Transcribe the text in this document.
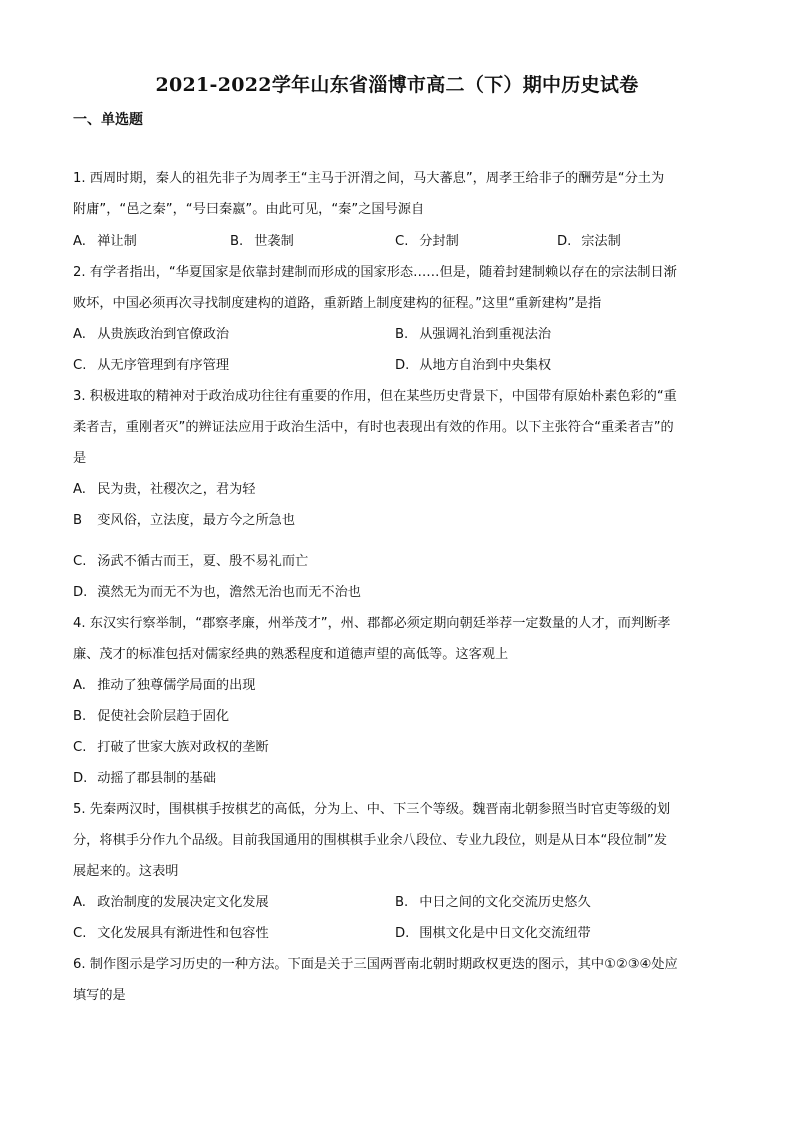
2021-2022学年山东省淄博市高二（下）期中历史试卷
一、单选题
1. 西周时期，秦人的祖先非子为周孝王“主马于汧渭之间，马大蕃息”，周孝王给非子的酬劳是“分土为
附庸”，“邑之秦”，“号曰秦嬴”。由此可见，“秦”之国号源自
A. 禅让制	B. 世袭制	C. 分封制	D. 宗法制
2. 有学者指出，“华夏国家是依靠封建制而形成的国家形态……但是，随着封建制赖以存在的宗法制日渐
败坏，中国必须再次寻找制度建构的道路，重新踏上制度建构的征程。”这里“重新建构”是指
A. 从贵族政治到官僚政治	B. 从强调礼治到重视法治
C. 从无序管理到有序管理	D. 从地方自治到中央集权
3. 积极进取的精神对于政治成功往往有重要的作用，但在某些历史背景下，中国带有原始朴素色彩的“重
柔者吉，重刚者灭”的辨证法应用于政治生活中，有时也表现出有效的作用。以下主张符合“重柔者吉”的
是
A. 民为贵，社稷次之，君为轻
B 变风俗，立法度，最方今之所急也
C. 汤武不循古而王，夏、殷不易礼而亡
D. 漠然无为而无不为也，澹然无治也而无不治也
4. 东汉实行察举制，“郡察孝廉，州举茂才”，州、郡都必须定期向朝廷举荐一定数量的人才，而判断孝
廉、茂才的标准包括对儒家经典的熟悉程度和道德声望的高低等。这客观上
A. 推动了独尊儒学局面的出现
B. 促使社会阶层趋于固化
C. 打破了世家大族对政权的垄断
D. 动摇了郡县制的基础
5. 先秦两汉时，围棋棋手按棋艺的高低，分为上、中、下三个等级。魏晋南北朝参照当时官吏等级的划
分，将棋手分作九个品级。目前我国通用的围棋棋手业余八段位、专业九段位，则是从日本“段位制”发
展起来的。这表明
A. 政治制度的发展决定文化发展	B. 中日之间的文化交流历史悠久
C. 文化发展具有渐进性和包容性	D. 围棋文化是中日文化交流纽带
6. 制作图示是学习历史的一种方法。下面是关于三国两晋南北朝时期政权更迭的图示，其中①②③④处应
填写的是
